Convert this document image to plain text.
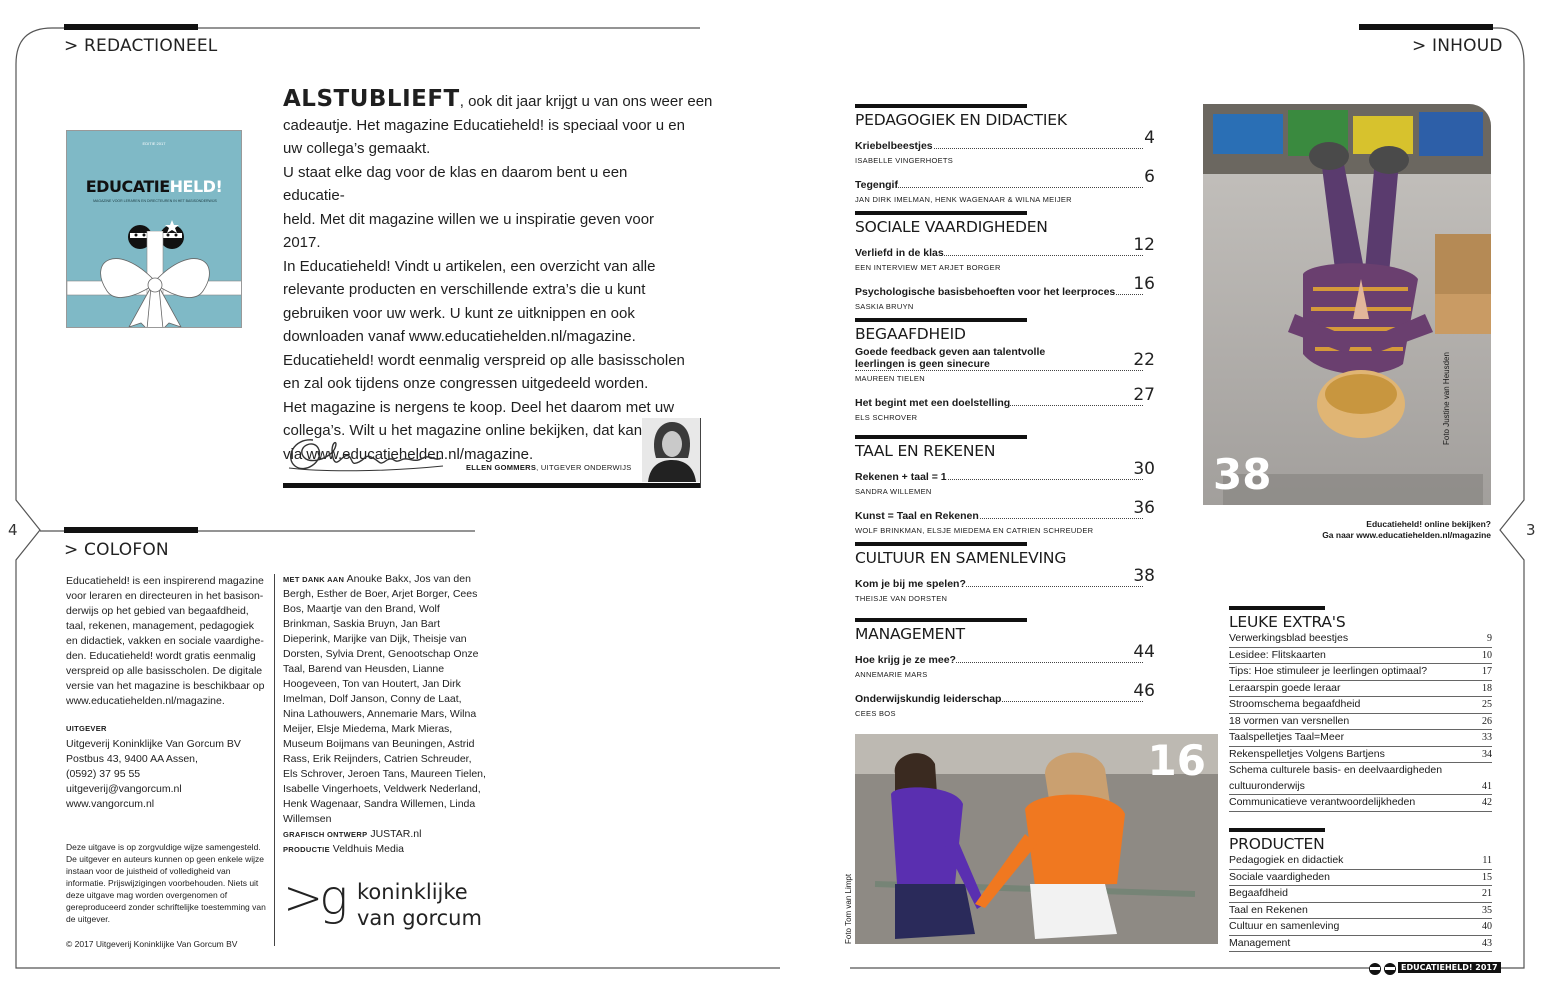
> REDACTIONEEL
4
EDITIE 2017
EDUCATIEHELD!
MAGAZINE VOOR LERAREN EN DIRECTEUREN IN HET BASISONDERWIJS
ALSTUBLIEFT, ook dit jaar krijgt u van ons weer een
cadeautje. Het magazine Educatieheld! is speciaal voor u en
uw collega’s gemaakt.
U staat elke dag voor de klas en daarom bent u een educatie-
held. Met dit magazine willen we u inspiratie geven voor 2017.
In Educatieheld! Vindt u artikelen, een overzicht van alle
relevante producten en verschillende extra’s die u kunt
gebruiken voor uw werk. U kunt ze uitknippen en ook
downloaden vanaf www.educatiehelden.nl/magazine.
Educatieheld! wordt eenmalig verspreid op alle basisscholen
en zal ook tijdens onze congressen uitgedeeld worden.
Het magazine is nergens te koop. Deel het daarom met uw
collega’s. Wilt u het magazine online bekijken, dat kan
via www.educatiehelden.nl/magazine.
ELLEN GOMMERS, UITGEVER ONDERWIJS
> COLOFON
Educatieheld! is een inspirerend magazine voor leraren en directeuren in het basison-derwijs op het gebied van begaafdheid, taal, rekenen, management, pedagogiek en didactiek, vakken en sociale vaardighe-den. Educatieheld! wordt gratis eenmalig verspreid op alle basisscholen. De digitale versie van het magazine is beschikbaar op www.educatiehelden.nl/magazine.
UITGEVER
Uitgeverij Koninklijke Van Gorcum BV
Postbus 43, 9400 AA Assen,
(0592) 37 95 55
uitgeverij@vangorcum.nl
www.vangorcum.nl
Deze uitgave is op zorgvuldige wijze samengesteld. De uitgever en auteurs kunnen op geen enkele wijze instaan voor de juistheid of volledigheid van informatie. Prijswijzigingen voorbehouden. Niets uit deze uitgave mag worden overgenomen of gereproduceerd zonder schriftelijke toestemming van de uitgever.
© 2017 Uitgeverij Koninklijke Van Gorcum BV
MET DANK AAN Anouke Bakx, Jos van den Bergh, Esther de Boer, Arjet Borger, Cees Bos, Maartje van den Brand, Wolf Brinkman, Saskia Bruyn, Jan Bart Dieperink, Marijke van Dijk, Theisje van Dorsten, Sylvia Drent, Genootschap Onze Taal, Barend van Heusden, Lianne Hoogeveen, Ton van Houtert, Jan Dirk Imelman, Dolf Janson, Conny de Laat, Nina Lathouwers, Annemarie Mars, Wilna Meijer, Elsje Miedema, Mark Mieras, Museum Boijmans van Beuningen, Astrid Rass, Erik Reijnders, Catrien Schreuder, Els Schrover, Jeroen Tans, Maureen Tielen, Isabelle Vingerhoets, Veldwerk Nederland, Henk Wagenaar, Sandra Willemen, Linda Willemsen
GRAFISCH ONTWERP JUSTAR.nl
PRODUCTIE Veldhuis Media
>g koninklijke
van gorcum
> INHOUD
3
PEDAGOGIEK EN DIDACTIEK
Kriebelbeestjes	4
ISABELLE VINGERHOETS
Tegengif	6
JAN DIRK IMELMAN, HENK WAGENAAR & WILNA MEIJER
SOCIALE VAARDIGHEDEN
Verliefd in de klas	12
EEN INTERVIEW MET ARJET BORGER
Psychologische basisbehoeften voor het leerproces 16
SASKIA BRUYN
BEGAAFDHEID
Goede feedback geven aan talentvolle leerlingen is geen sinecure	22
MAUREEN TIELEN
Het begint met een doelstelling	27
ELS SCHROVER
TAAL EN REKENEN
Rekenen + taal = 1	30
SANDRA WILLEMEN
Kunst = Taal en Rekenen	36
WOLF BRINKMAN, ELSJE MIEDEMA EN CATRIEN SCHREUDER
CULTUUR EN SAMENLEVING
Kom je bij me spelen?	38
THEISJE VAN DORSTEN
MANAGEMENT
Hoe krijg je ze mee?	44
ANNEMARIE MARS
Onderwijskundig leiderschap	46
CEES BOS
38
Foto Justine van Heusden
Educatieheld! online bekijken?
Ga naar www.educatiehelden.nl/magazine
16
Foto Tom van Limpt
LEUKE EXTRA'S
Verwerkingsblad beestjes	9
Lesidee: Flitskaarten	10
Tips: Hoe stimuleer je leerlingen optimaal?	17
Leraarspin goede leraar	18
Stroomschema begaafdheid	25
18 vormen van versnellen	26
Taalspelletjes Taal=Meer	33
Rekenspelletjes Volgens Bartjens	34
Schema culturele basis- en deelvaardigheden cultuuronderwijs	41
Communicatieve verantwoordelijkheden	42
PRODUCTEN
Pedagogiek en didactiek	11
Sociale vaardigheden	15
Begaafdheid	21
Taal en Rekenen	35
Cultuur en samenleving	40
Management	43
EDUCATIEHELD! 2017
